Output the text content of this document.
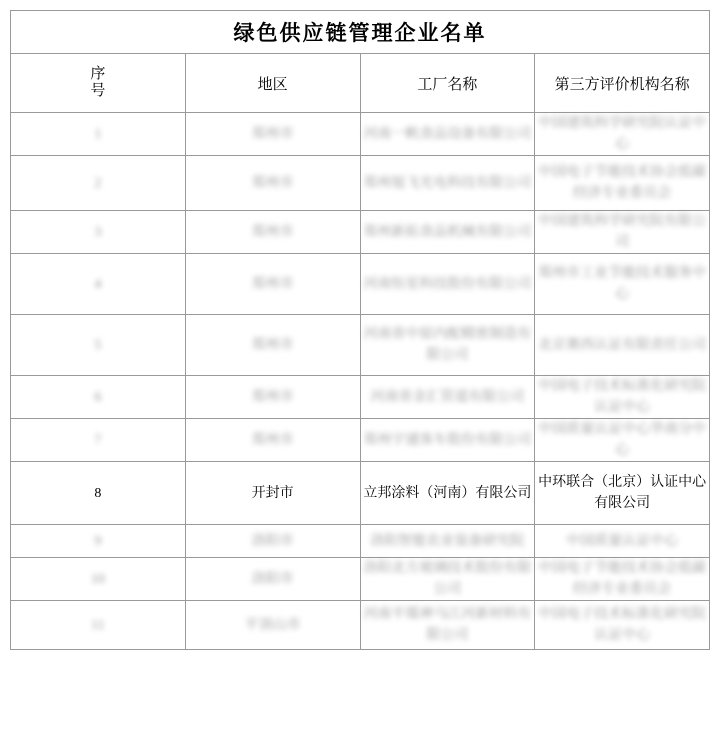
绿色供应链管理企业名单			

序
号	地区	工厂名称	第三方评价机构名称
1	郑州市	河南一帆食品设备有限公司	中国建筑科学研究院认证中心
2	郑州市	郑州旭飞光电科技有限公司	中国电子节能技术协会低碳经济专业委员会
3	郑州市	郑州新拓食品机械有限公司	中国建筑科学研究院有限公司
4	郑州市	河南恒星科技股份有限公司	郑州市工业节能技术服务中心
5	郑州市	河南省中原内配精密制造有限公司	北京赛西认证有限责任公司
6	郑州市	河南省金汇管道有限公司	中国电子技术标准化研究院认证中心
7	郑州市	郑州宇通客车股份有限公司	中国质量认证中心华南分中心
8	开封市	立邦涂料（河南）有限公司	中环联合（北京）认证中心有限公司
9	洛阳市	洛阳智能农业装备研究院	中国质量认证中心
10	洛阳市	洛阳北方玻璃技术股份有限公司	中国电子节能技术协会低碳经济专业委员会
11	平顶山市	河南平煤神马江河新材料有限公司	中国电子技术标准化研究院认证中心
